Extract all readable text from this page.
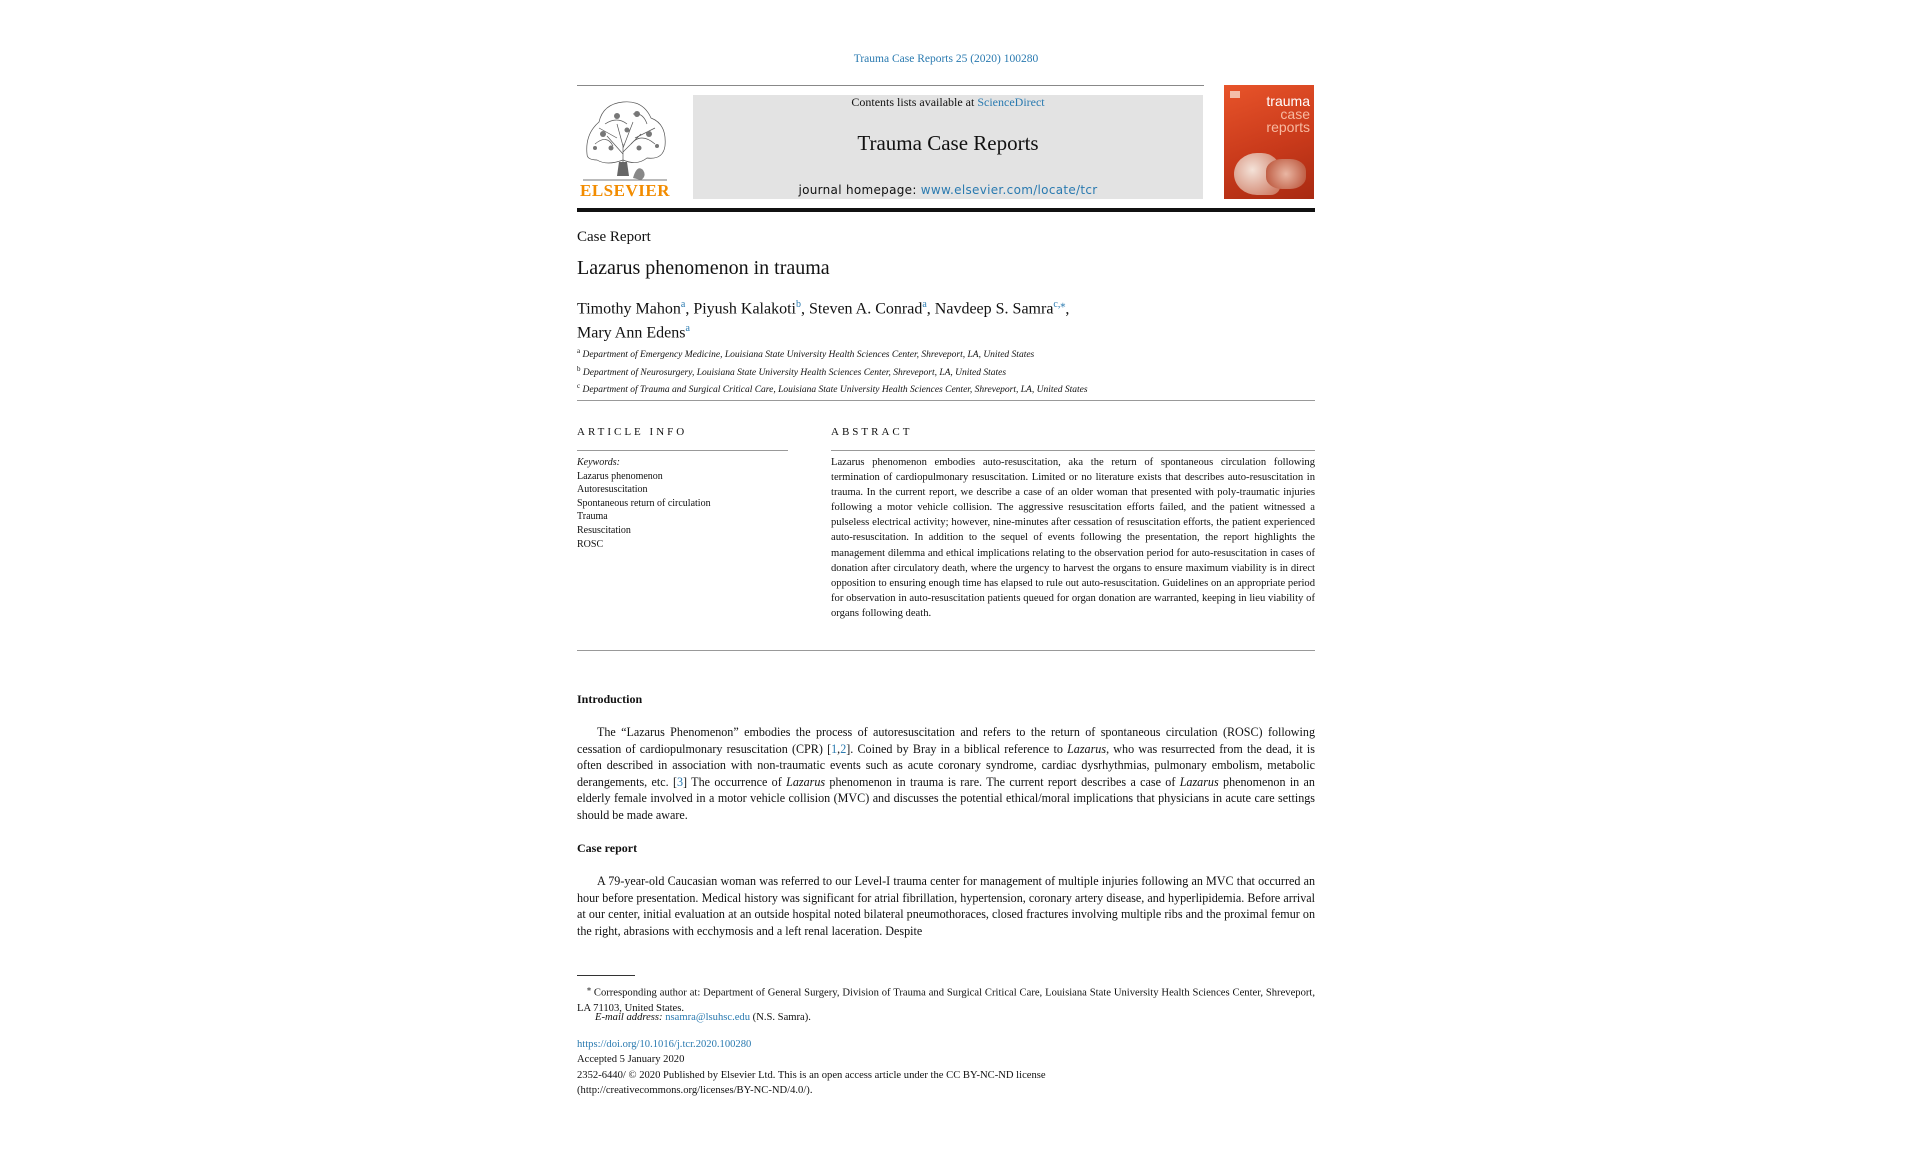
Trauma Case Reports 25 (2020) 100280
ELSEVIER
Contents lists available at ScienceDirect
Trauma Case Reports
journal homepage: www.elsevier.com/locate/tcr
trauma
case
reports
Case Report
Lazarus phenomenon in trauma
Timothy Mahon$^a$, Piyush Kalakoti$^b$, Steven A. Conrad$^a$, Navdeep S. Samra$^{c,⁎}$,
Mary Ann Edens$^a$
$^a$ Department of Emergency Medicine, Louisiana State University Health Sciences Center, Shreveport, LA, United States
$^b$ Department of Neurosurgery, Louisiana State University Health Sciences Center, Shreveport, LA, United States
$^c$ Department of Trauma and Surgical Critical Care, Louisiana State University Health Sciences Center, Shreveport, LA, United States
ARTICLE INFO	ABSTRACT
Keywords:
Lazarus phenomenon
Autoresuscitation
Spontaneous return of circulation
Trauma
Resuscitation
ROSC
Lazarus phenomenon embodies auto-resuscitation, aka the return of spontaneous circulation following termination of cardiopulmonary resuscitation. Limited or no literature exists that describes auto-resuscitation in trauma. In the current report, we describe a case of an older woman that presented with poly-traumatic injuries following a motor vehicle collision. The aggressive resuscitation efforts failed, and the patient witnessed a pulseless electrical activity; however, nine-minutes after cessation of resuscitation efforts, the patient experienced auto-resuscitation. In addition to the sequel of events following the presentation, the report highlights the management dilemma and ethical implications relating to the observation period for auto-resuscitation in cases of donation after circulatory death, where the urgency to harvest the organs to ensure maximum viability is in direct opposition to ensuring enough time has elapsed to rule out auto-resuscitation. Guidelines on an appropriate period for observation in auto-resuscitation patients queued for organ donation are warranted, keeping in lieu viability of organs following death.
Introduction
The “Lazarus Phenomenon” embodies the process of autoresuscitation and refers to the return of spontaneous circulation (ROSC) following cessation of cardiopulmonary resuscitation (CPR) [1,2]. Coined by Bray in a biblical reference to Lazarus, who was resurrected from the dead, it is often described in association with non-traumatic events such as acute coronary syndrome, cardiac dysrhythmias, pulmonary embolism, metabolic derangements, etc. [3] The occurrence of Lazarus phenomenon in trauma is rare. The current report describes a case of Lazarus phenomenon in an elderly female involved in a motor vehicle collision (MVC) and discusses the potential ethical/moral implications that physicians in acute care settings should be made aware.
Case report
A 79-year-old Caucasian woman was referred to our Level-I trauma center for management of multiple injuries following an MVC that occurred an hour before presentation. Medical history was significant for atrial fibrillation, hypertension, coronary artery disease, and hyperlipidemia. Before arrival at our center, initial evaluation at an outside hospital noted bilateral pneumothoraces, closed fractures involving multiple ribs and the proximal femur on the right, abrasions with ecchymosis and a left renal laceration. Despite
⁎ Corresponding author at: Department of General Surgery, Division of Trauma and Surgical Critical Care, Louisiana State University Health Sciences Center, Shreveport, LA 71103, United States.
E-mail address: nsamra@lsuhsc.edu (N.S. Samra).
https://doi.org/10.1016/j.tcr.2020.100280
Accepted 5 January 2020
2352-6440/ © 2020 Published by Elsevier Ltd. This is an open access article under the CC BY-NC-ND license
(http://creativecommons.org/licenses/BY-NC-ND/4.0/).
